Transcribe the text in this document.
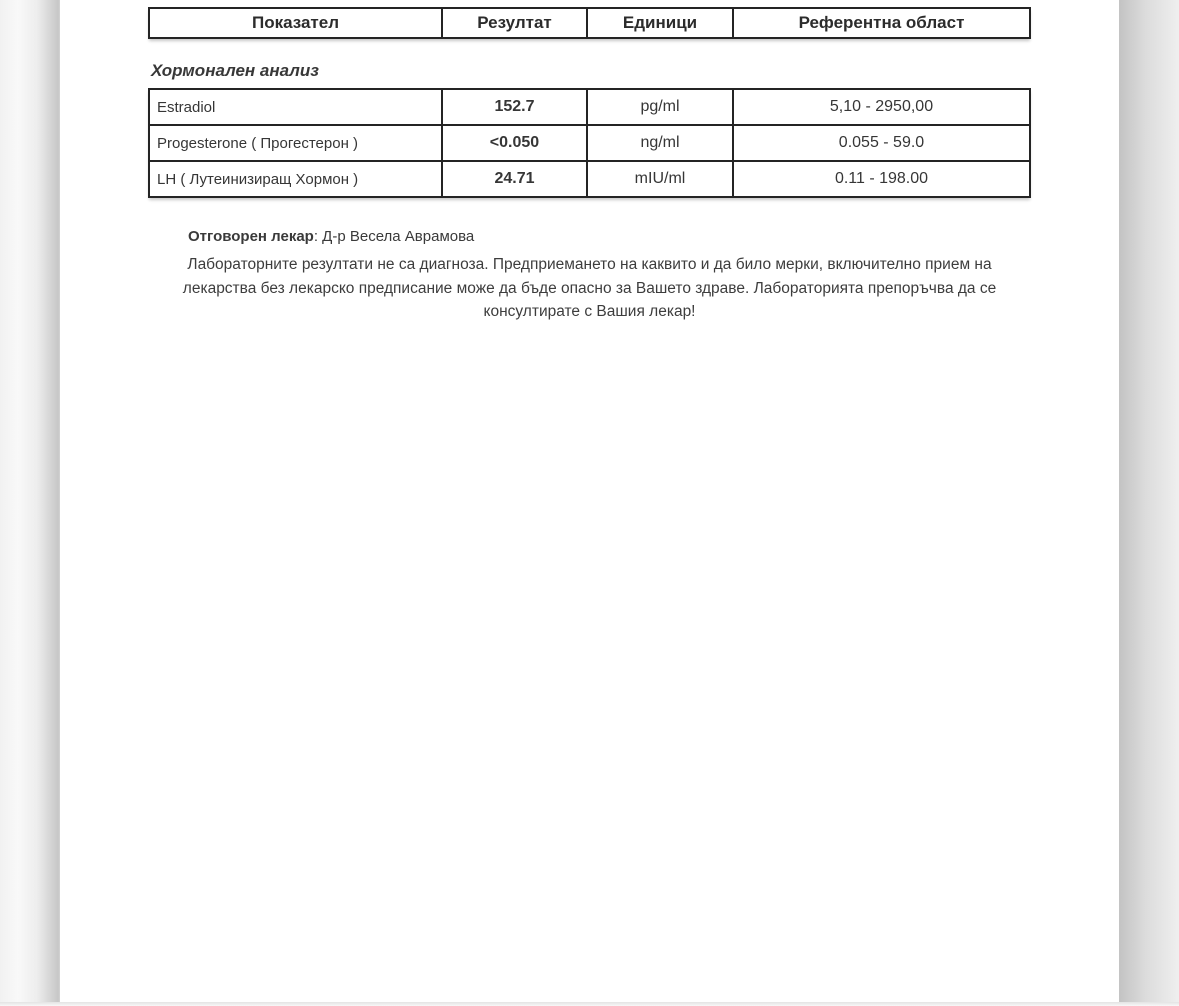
Показател	Резултат	Единици	Референтна област
Хормонален анализ
Estradiol	152.7	pg/ml	5,10 - 2950,00
Progesterone ( Прогестерон )	<0.050	ng/ml	0.055 - 59.0
LH ( Лутеинизиращ Хормон )	24.71	mIU/ml	0.11 - 198.00
Отговорен лекар: Д-р Весела Аврамова
Лабораторните резултати не са диагноза. Предприемането на каквито и да било мерки, включително прием на
лекарства без лекарско предписание може да бъде опасно за Вашето здраве. Лабораторията препоръчва да се
консултирате с Вашия лекар!
